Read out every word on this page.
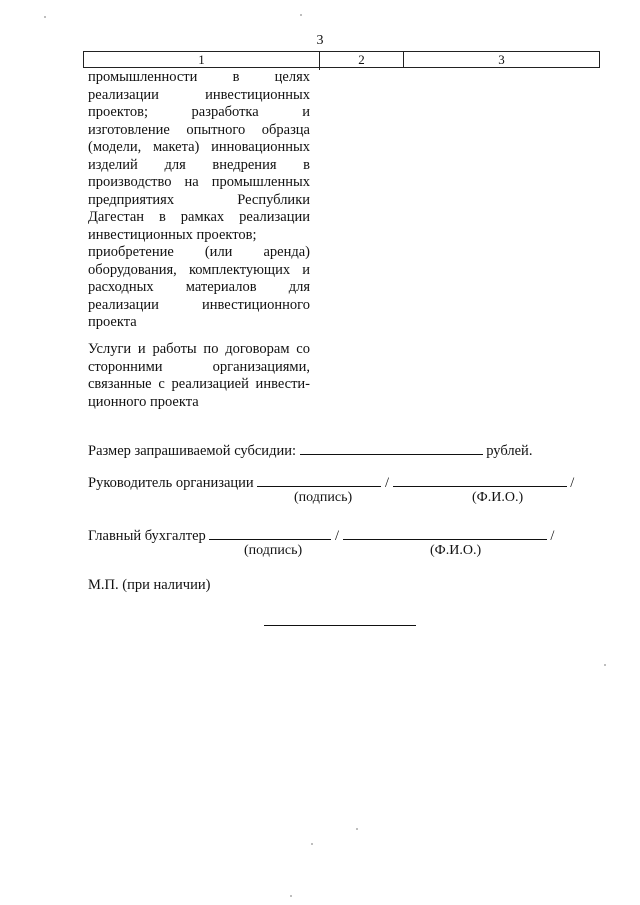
3
1	2	3
промышленности в целях
реализации инвестиционных
проектов; разработка и
изготовление опытного образца
(модели, макета) инновационных
изделий для внедрения в
производство на промышленных
предприятиях Республики
Дагестан в рамках реализации
инвестиционных проектов;
приобретение (или аренда)
оборудования, комплектующих и
расходных материалов для
реализации инвестиционного
проекта
Услуги и работы по договорам со
сторонними организациями,
связанные с реализацией инвести-
ционного проекта
Размер запрашиваемой субсидии:	рублей.
Руководитель организации	/	/
(подпись)	(Ф.И.О.)
Главный бухгалтер	/	/
(подпись)	(Ф.И.О.)
М.П. (при наличии)
